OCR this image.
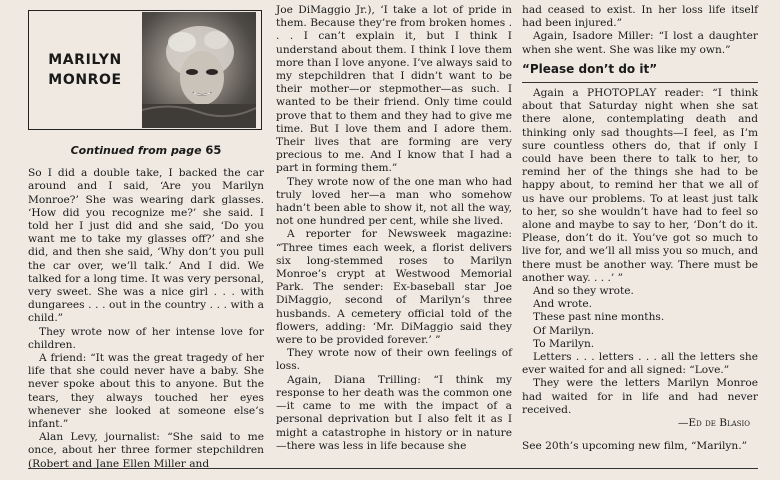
MARILYN
MONROE
Continued from page 65

So I did a double take, I backed the car around and I said, ‘Are you Marilyn Monroe?’ She was wearing dark glasses. ‘How did you recognize me?’ she said. I told her I just did and she said, ‘Do you want me to take my glasses off?’ and she did, and then she said, ‘Why don’t you pull the car over, we’ll talk.’ And I did. We talked for a long time. It was very personal, very sweet. She was a nice girl . . . with dungarees . . . out in the country . . . with a child.”

They wrote now of her intense love for children.

A friend: “It was the great tragedy of her life that she could never have a baby. She never spoke about this to anyone. But the tears, they always touched her eyes whenever she looked at someone else’s infant.”

Alan Levy, journalist: “She said to me once, about her three former stepchildren (Robert and Jane Ellen Miller and

Joe DiMaggio Jr.), ‘I take a lot of pride in them. Because they’re from broken homes . . . I can’t explain it, but I think I understand about them. I think I love them more than I love anyone. I’ve always said to my stepchildren that I didn’t want to be their mother—or stepmother—as such. I wanted to be their friend. Only time could prove that to them and they had to give me time. But I love them and I adore them. Their lives that are forming are very precious to me. And I know that I had a part in forming them.”

They wrote now of the one man who had truly loved her—a man who somehow hadn’t been able to show it, not all the way, not one hundred per cent, while she lived.

A reporter for Newsweek magazine: “Three times each week, a florist delivers six long-stemmed roses to Marilyn Monroe’s crypt at Westwood Memorial Park. The sender: Ex-baseball star Joe DiMaggio, second of Marilyn’s three husbands. A cemetery official told of the flowers, adding: ‘Mr. DiMaggio said they were to be provided forever.’ ”

They wrote now of their own feelings of loss.

Again, Diana Trilling: “I think my response to her death was the common one—it came to me with the impact of a personal deprivation but I also felt it as I might a catastrophe in history or in nature—there was less in life because she

had ceased to exist. In her loss life itself had been injured.”

Again, Isadore Miller: “I lost a daughter when she went. She was like my own.”

“Please don’t do it”

Again a PHOTOPLAY reader: “I think about that Saturday night when she sat there alone, contemplating death and thinking only sad thoughts—I feel, as I’m sure countless others do, that if only I could have been there to talk to her, to remind her of the things she had to be happy about, to remind her that we all of us have our problems. To at least just talk to her, so she wouldn’t have had to feel so alone and maybe to say to her, ‘Don’t do it. Please, don’t do it. You’ve got so much to live for, and we’ll all miss you so much, and there must be another way. There must be another way. . . .’ ”

And so they wrote.

And wrote.

These past nine months.

Of Marilyn.

To Marilyn.

Letters . . . letters . . . all the letters she ever waited for and all signed: “Love.”

They were the letters Marilyn Monroe had waited for in life and had never received.

—Ed de Blasio

See 20th’s upcoming new film, “Marilyn.”
